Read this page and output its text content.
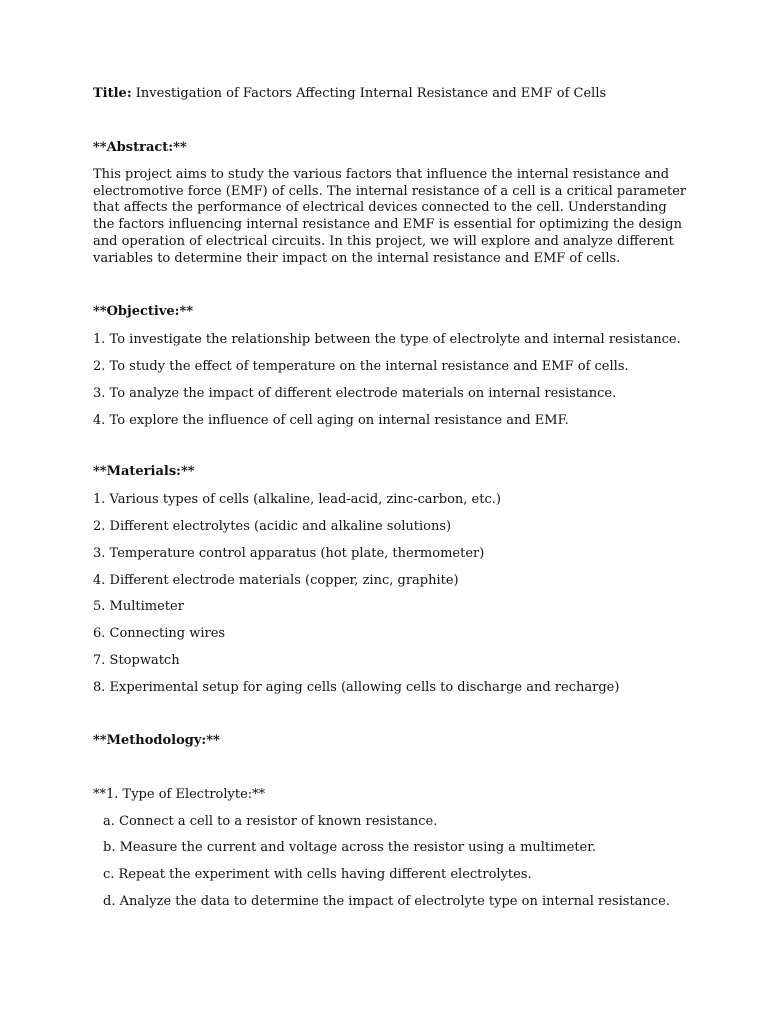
Title: Investigation of Factors Affecting Internal Resistance and EMF of Cells
**Abstract:**
This project aims to study the various factors that influence the internal resistance and
electromotive force (EMF) of cells. The internal resistance of a cell is a critical parameter
that affects the performance of electrical devices connected to the cell. Understanding
the factors influencing internal resistance and EMF is essential for optimizing the design
and operation of electrical circuits. In this project, we will explore and analyze different
variables to determine their impact on the internal resistance and EMF of cells.
**Objective:**
1. To investigate the relationship between the type of electrolyte and internal resistance.
2. To study the effect of temperature on the internal resistance and EMF of cells.
3. To analyze the impact of different electrode materials on internal resistance.
4. To explore the influence of cell aging on internal resistance and EMF.
**Materials:**
1. Various types of cells (alkaline, lead-acid, zinc-carbon, etc.)
2. Different electrolytes (acidic and alkaline solutions)
3. Temperature control apparatus (hot plate, thermometer)
4. Different electrode materials (copper, zinc, graphite)
5. Multimeter
6. Connecting wires
7. Stopwatch
8. Experimental setup for aging cells (allowing cells to discharge and recharge)
**Methodology:**
**1. Type of Electrolyte:**
a. Connect a cell to a resistor of known resistance.
b. Measure the current and voltage across the resistor using a multimeter.
c. Repeat the experiment with cells having different electrolytes.
d. Analyze the data to determine the impact of electrolyte type on internal resistance.
